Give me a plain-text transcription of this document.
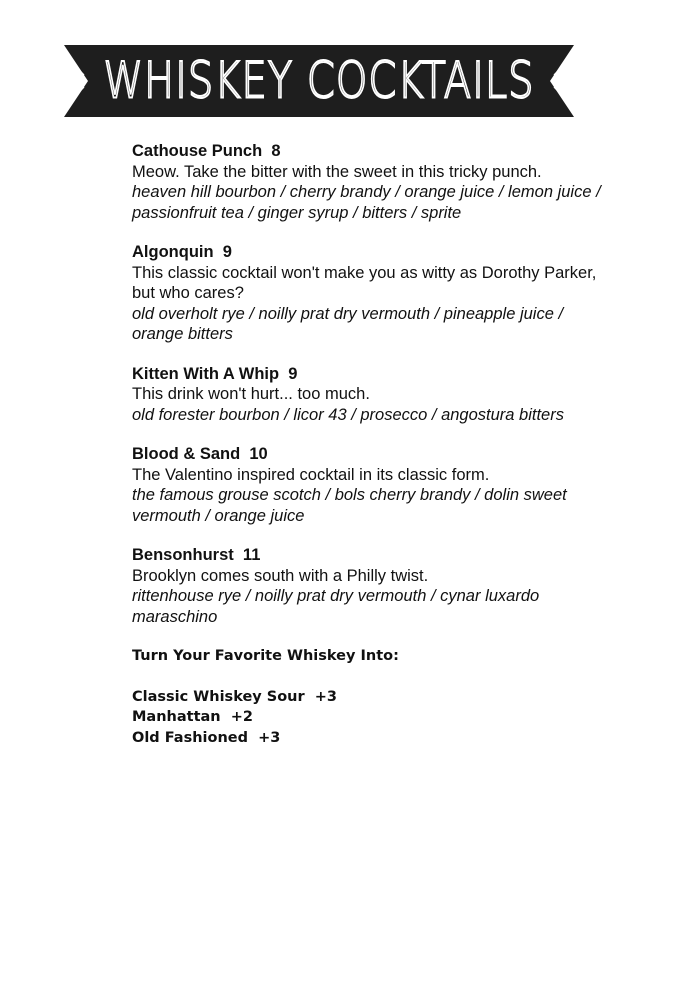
WHISKEY COCKTAILS
Cathouse Punch  8
Meow. Take the bitter with the sweet in this tricky punch.
heaven hill bourbon / cherry brandy / orange juice / lemon juice / passionfruit tea / ginger syrup / bitters / sprite
Algonquin  9
This classic cocktail won't make you as witty as Dorothy Parker, but who cares?
old overholt rye / noilly prat dry vermouth / pineapple juice / orange bitters
Kitten With A Whip  9
This drink won't hurt... too much.
old forester bourbon / licor 43 / prosecco / angostura bitters
Blood & Sand  10
The Valentino inspired cocktail in its classic form.
the famous grouse scotch / bols cherry brandy / dolin sweet vermouth / orange juice
Bensonhurst  11
Brooklyn comes south with a Philly twist.
rittenhouse rye / noilly prat dry vermouth / cynar luxardo maraschino
Turn Your Favorite Whiskey Into:
Classic Whiskey Sour  +3
Manhattan  +2
Old Fashioned  +3
